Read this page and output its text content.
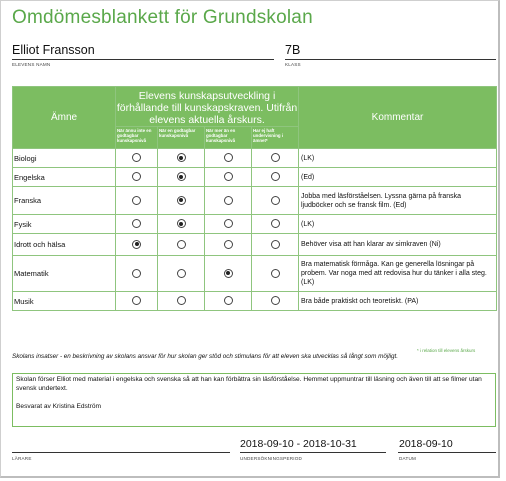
Omdömesblankett för Grundskolan
Elliot Fransson
ELEVENS NAMN
7B
KLASS
Ämne	Elevens kunskapsutveckling i förhållande till kunskapskraven. Utifrån elevens aktuella årskurs.				Kommentar
	När ännu inte en godtagbar kunskapsnivå	När en godtagbar kunskapsnivå	När mer än en godtagbar kunskapsnivå	Har ej haft undervisning i ämnet*	
Biologi					(LK)

Engelska					(Ed)

Franska					Jobba med läsförståelsen. Lyssna gärna på franska ljudböcker och se fransk film. (Ed)

Fysik					(LK)

Idrott och hälsa					Behöver visa att han klarar av simkraven (Ni)

Matematik					Bra matematisk förmåga. Kan ge generella lösningar på probem. Var noga med att redovisa hur du tänker i alla steg. (LK)

Musik					Bra både praktiskt och teoretiskt. (PA)
* i relation till elevens årskurs
Skolans insatser - en beskrivning av skolans ansvar för hur skolan ger stöd och stimulans för att eleven ska utvecklas så långt som möjligt.
Skolan förser Elliot med material i engelska och svenska så att han kan förbättra sin läsförståelse. Hemmet uppmuntrar till läsning och även till att se filmer utan svensk undertext.
Besvarat av Kristina Edström
LÄRARE
2018-09-10 - 2018-10-31
UNDERSÖKNINGSPERIOD
2018-09-10
DATUM
